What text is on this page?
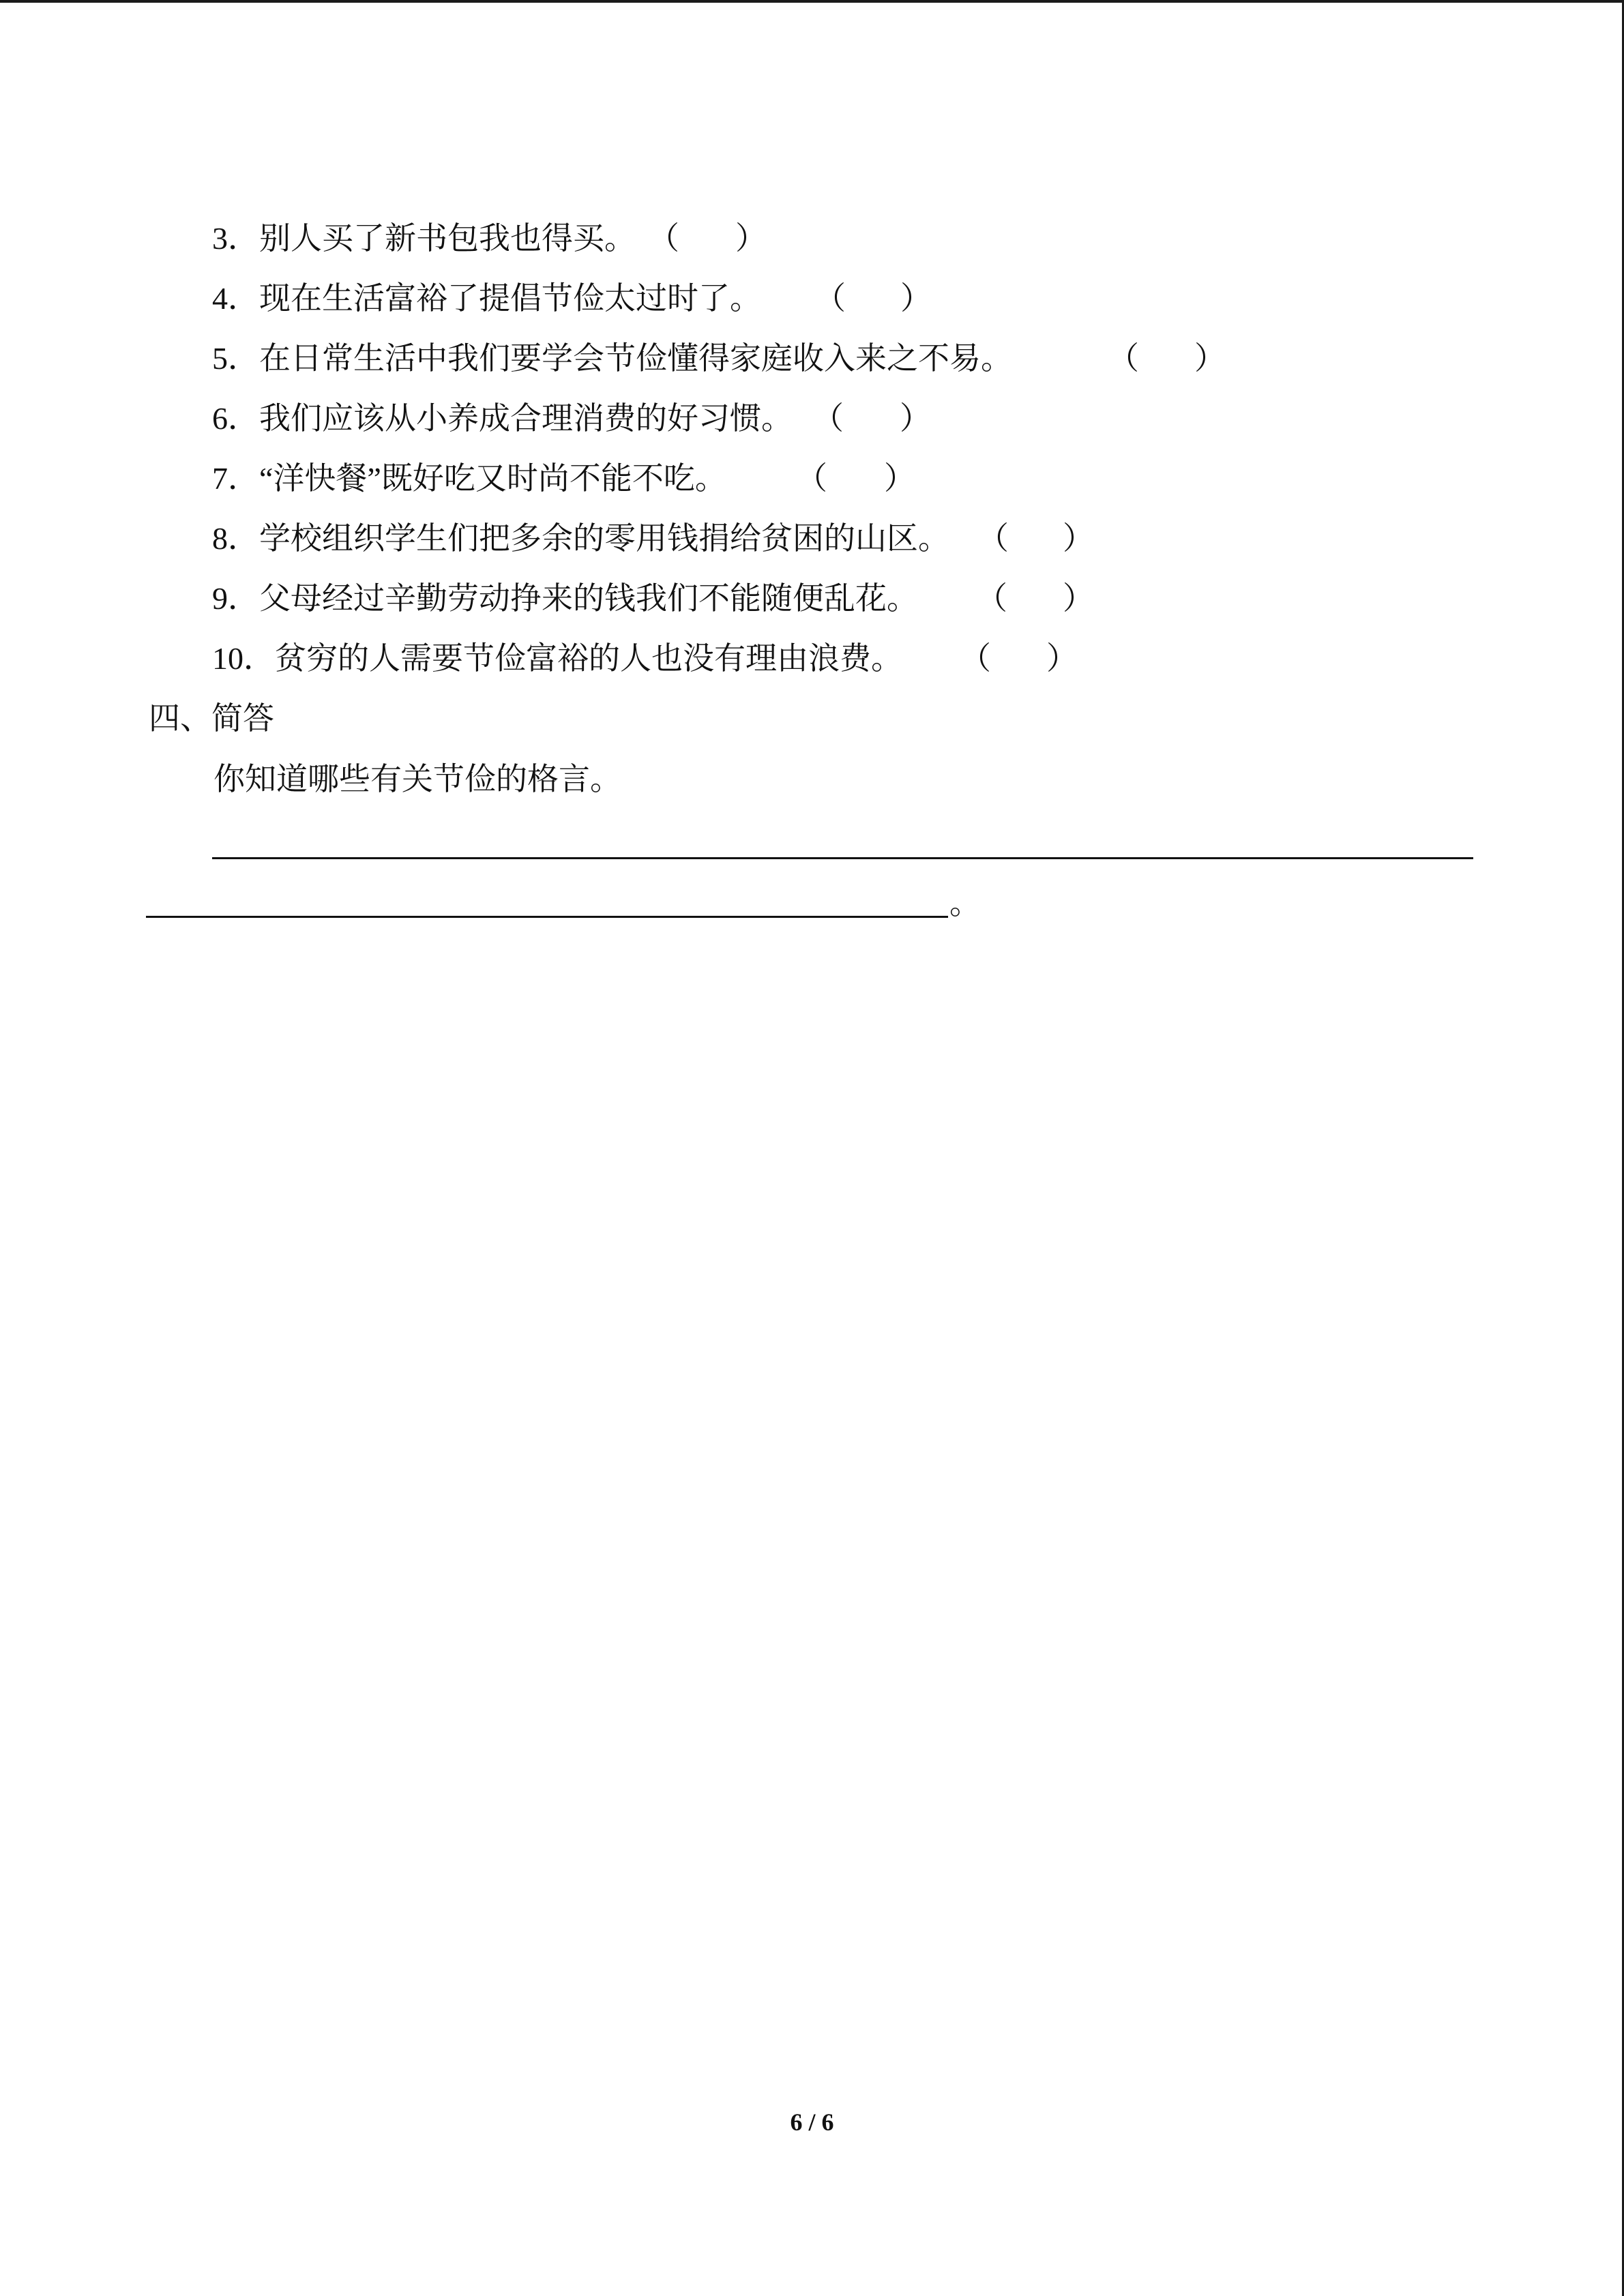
3．别人买了新书包我也得买。 （ ）
4．现在生活富裕了提倡节俭太过时了。 （ ）
5．在日常生活中我们要学会节俭懂得家庭收入来之不易。	（ ）
6．我们应该从小养成合理消费的好习惯。 （ ）
7．“洋快餐”既好吃又时尚不能不吃。 （ ）
8．学校组织学生们把多余的零用钱捐给贫困的山区。 （ ）
9．父母经过辛勤劳动挣来的钱我们不能随便乱花。 （ ）
10．贫穷的人需要节俭富裕的人也没有理由浪费。 （ ）
四、简答
你知道哪些有关节俭的格言。
。
6 / 6
